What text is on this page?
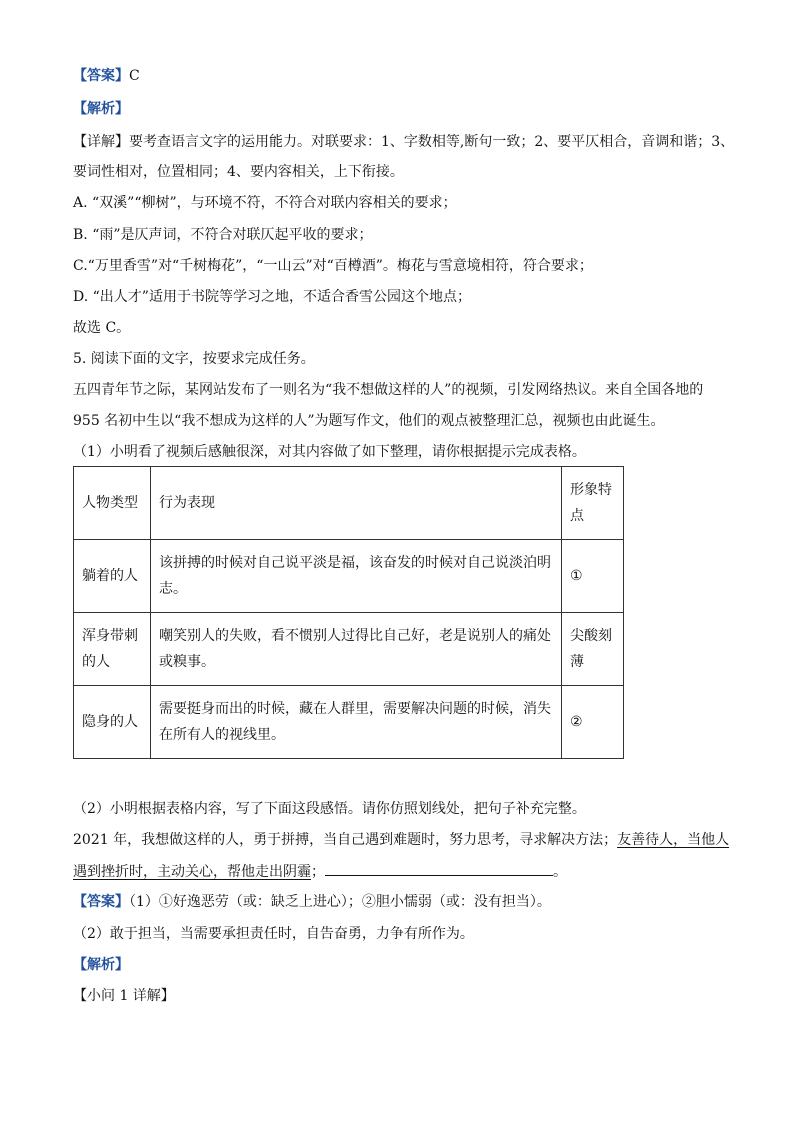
【答案】C
【解析】
【详解】要考查语言文字的运用能力。对联要求：1、字数相等,断句一致；2、要平仄相合，音调和谐；3、
要词性相对，位置相同；4、要内容相关，上下衔接。
A. “双溪”“柳树”，与环境不符，不符合对联内容相关的要求；
B. “雨”是仄声词，不符合对联仄起平收的要求；
C.“万里香雪”对“千树梅花”，“一山云”对“百樽酒”。梅花与雪意境相符，符合要求；
D. “出人才”适用于书院等学习之地，不适合香雪公园这个地点；
故选 C。
5. 阅读下面的文字，按要求完成任务。
五四青年节之际，某网站发布了一则名为“我不想做这样的人”的视频，引发网络热议。来自全国各地的
955 名初中生以“我不想成为这样的人”为题写作文，他们的观点被整理汇总，视频也由此诞生。
（1）小明看了视频后感触很深，对其内容做了如下整理，请你根据提示完成表格。
人物类型	行为表现	形象特点
躺着的人	该拼搏的时候对自己说平淡是福，该奋发的时候对自己说淡泊明志。	①
浑身带刺的人	嘲笑别人的失败，看不惯别人过得比自己好，老是说别人的痛处或糗事。	尖酸刻薄
隐身的人	需要挺身而出的时候，藏在人群里，需要解决问题的时候，消失在所有人的视线里。	②
（2）小明根据表格内容，写了下面这段感悟。请你仿照划线处，把句子补充完整。
2021 年，我想做这样的人，勇于拼搏，当自己遇到难题时，努力思考，寻求解决方法；友善待人，当他人
遇到挫折时，主动关心，帮他走出阴霾；	。
【答案】（1）①好逸恶劳（或：缺乏上进心）；②胆小懦弱（或：没有担当）。
（2）敢于担当，当需要承担责任时，自告奋勇，力争有所作为。
【解析】
【小问 1 详解】
